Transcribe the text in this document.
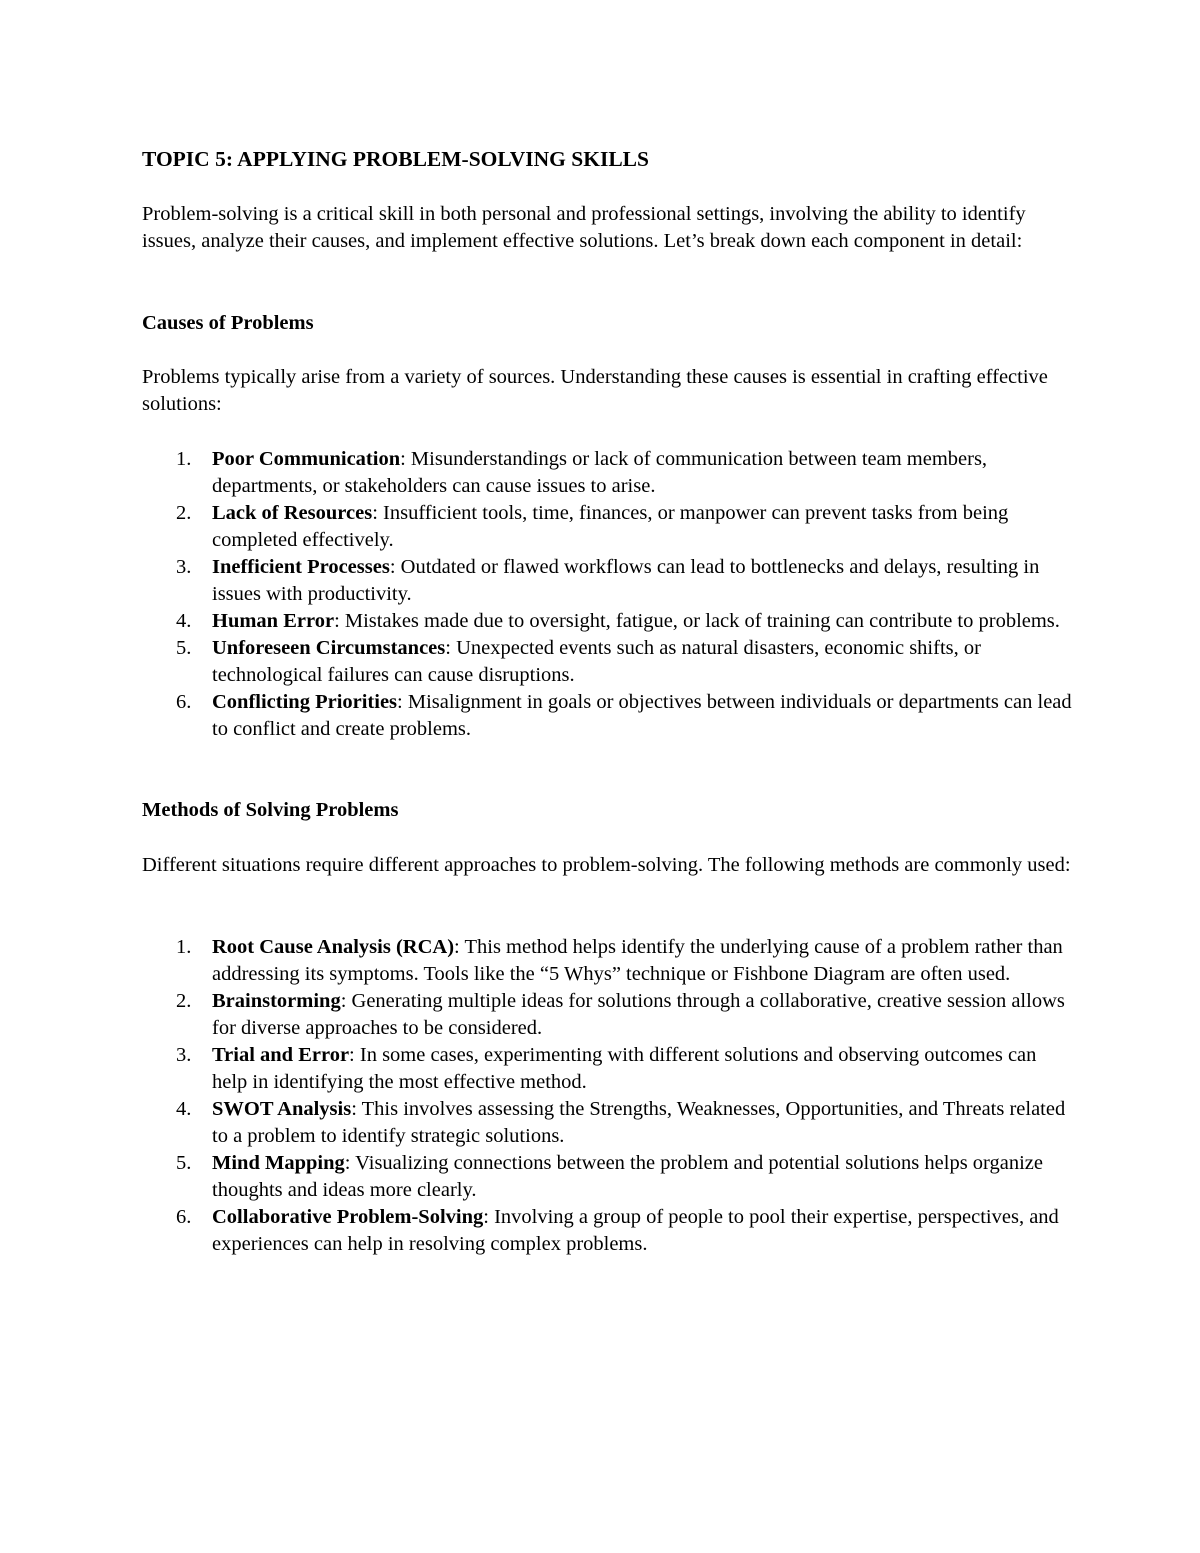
TOPIC 5: APPLYING PROBLEM-SOLVING SKILLS

Problem-solving is a critical skill in both personal and professional settings, involving the ability to identify issues, analyze their causes, and implement effective solutions. Let’s break down each component in detail:

Causes of Problems

Problems typically arise from a variety of sources. Understanding these causes is essential in crafting effective solutions:

1. Poor Communication: Misunderstandings or lack of communication between team members, departments, or stakeholders can cause issues to arise.
2. Lack of Resources: Insufficient tools, time, finances, or manpower can prevent tasks from being completed effectively.
3. Inefficient Processes: Outdated or flawed workflows can lead to bottlenecks and delays, resulting in issues with productivity.
4. Human Error: Mistakes made due to oversight, fatigue, or lack of training can contribute to problems.
5. Unforeseen Circumstances: Unexpected events such as natural disasters, economic shifts, or technological failures can cause disruptions.
6. Conflicting Priorities: Misalignment in goals or objectives between individuals or departments can lead to conflict and create problems.

Methods of Solving Problems

Different situations require different approaches to problem-solving. The following methods are commonly used:

1. Root Cause Analysis (RCA): This method helps identify the underlying cause of a problem rather than addressing its symptoms. Tools like the “5 Whys” technique or Fishbone Diagram are often used.
2. Brainstorming: Generating multiple ideas for solutions through a collaborative, creative session allows for diverse approaches to be considered.
3. Trial and Error: In some cases, experimenting with different solutions and observing outcomes can help in identifying the most effective method.
4. SWOT Analysis: This involves assessing the Strengths, Weaknesses, Opportunities, and Threats related to a problem to identify strategic solutions.
5. Mind Mapping: Visualizing connections between the problem and potential solutions helps organize thoughts and ideas more clearly.
6. Collaborative Problem-Solving: Involving a group of people to pool their expertise, perspectives, and experiences can help in resolving complex problems.
